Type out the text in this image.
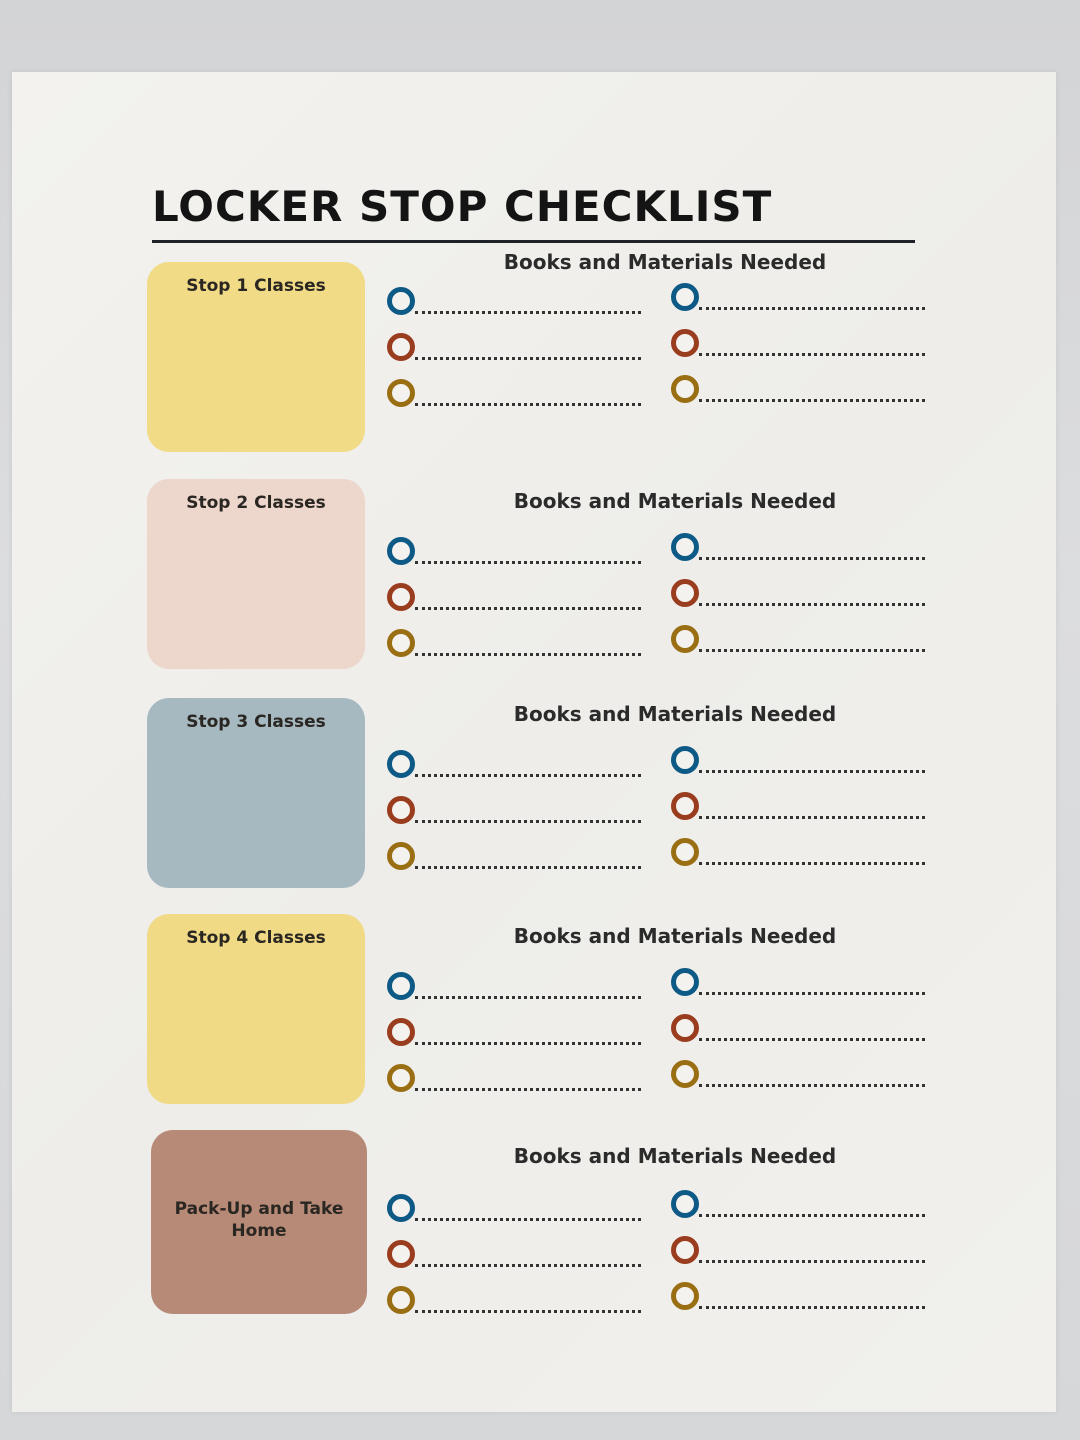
LOCKER STOP CHECKLIST
Stop 1 Classes
Books and Materials Needed
Stop 2 Classes	Books and Materials Needed
Stop 3 Classes	Books and Materials Needed
Stop 4 Classes	Books and Materials Needed
Pack-Up and Take Home
Books and Materials Needed
